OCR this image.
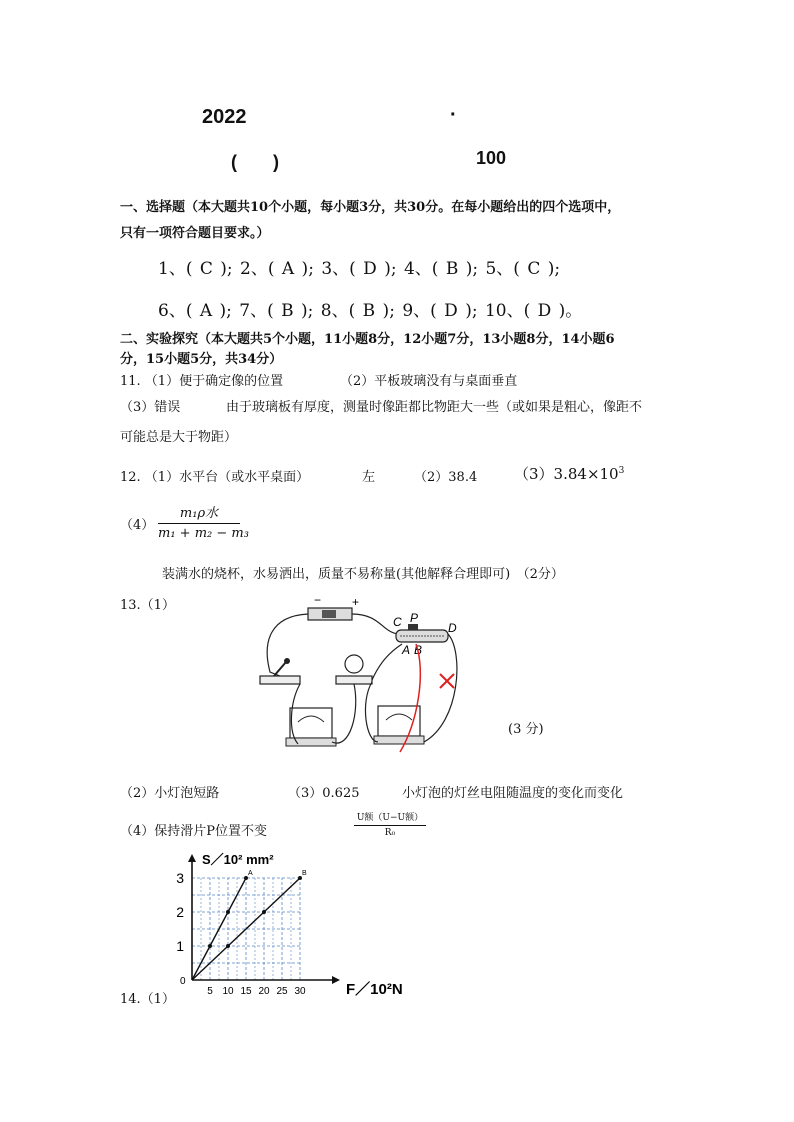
2022	·
(　　)	100
一、选择题（本大题共10个小题，每小题3分，共30分。在每小题给出的四个选项中，
只有一项符合题目要求。）
1、( C ); 2、( A ); 3、( D ); 4、( B ); 5、( C );
6、( A ); 7、( B ); 8、( B ); 9、( D ); 10、( D )。
二、实验探究（本大题共5个小题，11小题8分，12小题7分，13小题8分，14小题6
分，15小题5分，共34分）
11. （1）便于确定像的位置	（2）平板玻璃没有与桌面垂直
（3）错误	由于玻璃板有厚度，测量时像距都比物距大一些（或如果是粗心，像距不
可能总是大于物距）
12. （1）水平台（或水平桌面）	左	（2）38.4 $(3)3.84\times 10^3$
（4）
m₁ρ水
m₁ + m₂ − m₃
装满水的烧杯，水易洒出，质量不易称量(其他解释合理即可)　（2分）
13.（1）	−	+
C P
D
A B
(3 分)
（2）小灯泡短路	（3）0.625	小灯泡的灯丝电阻随温度的变化而变化
（4）保持滑片P位置不变
U额（U−U额）
R₀
14.（1）
5 10 15 20 25 30
1
2
3	A	B
S／10² mm²
F／10²N
0
